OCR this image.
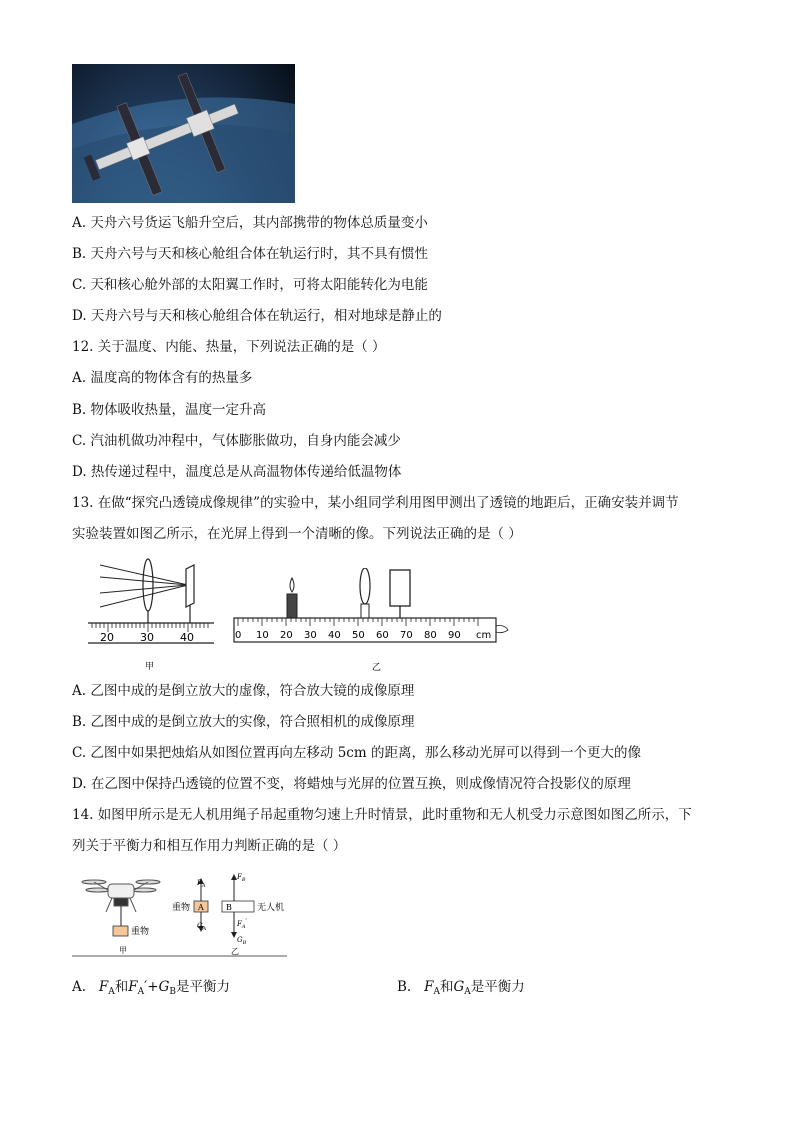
A. 天舟六号货运飞船升空后，其内部携带的物体总质量变小
B. 天舟六号与天和核心舱组合体在轨运行时，其不具有惯性
C. 天和核心舱外部的太阳翼工作时，可将太阳能转化为电能
D. 天舟六号与天和核心舱组合体在轨运行，相对地球是静止的
12. 关于温度、内能、热量，下列说法正确的是（ ）
A. 温度高的物体含有的热量多
B. 物体吸收热量，温度一定升高
C. 汽油机做功冲程中，气体膨胀做功，自身内能会减少
D. 热传递过程中，温度总是从高温物体传递给低温物体
13. 在做“探究凸透镜成像规律”的实验中，某小组同学利用图甲测出了透镜的地距后，正确安装并调节
实验装置如图乙所示，在光屏上得到一个清晰的像。下列说法正确的是（ ）
20 30 40
甲
0 10 20 30 40 50 60 70 80 90 cm
乙
A. 乙图中成的是倒立放大的虚像，符合放大镜的成像原理
B. 乙图中成的是倒立放大的实像，符合照相机的成像原理
C. 乙图中如果把烛焰从如图位置再向左移动 5cm 的距离，那么移动光屏可以得到一个更大的像
D. 在乙图中保持凸透镜的位置不变，将蜡烛与光屏的位置互换，则成像情况符合投影仪的原理
14. 如图甲所示是无人机用绳子吊起重物匀速上升时情景，此时重物和无人机受力示意图如图乙所示，下
列关于平衡力和相互作用力判断正确的是（ ）
重物
甲
重物 A
$F_A$
$G_A$
B	无人机
$F_B$
$F_A'$
$G_B$
乙
A. $F_A$和$F_A'+G_B$是平衡力	B. $F_A$和$G_A$是平衡力
